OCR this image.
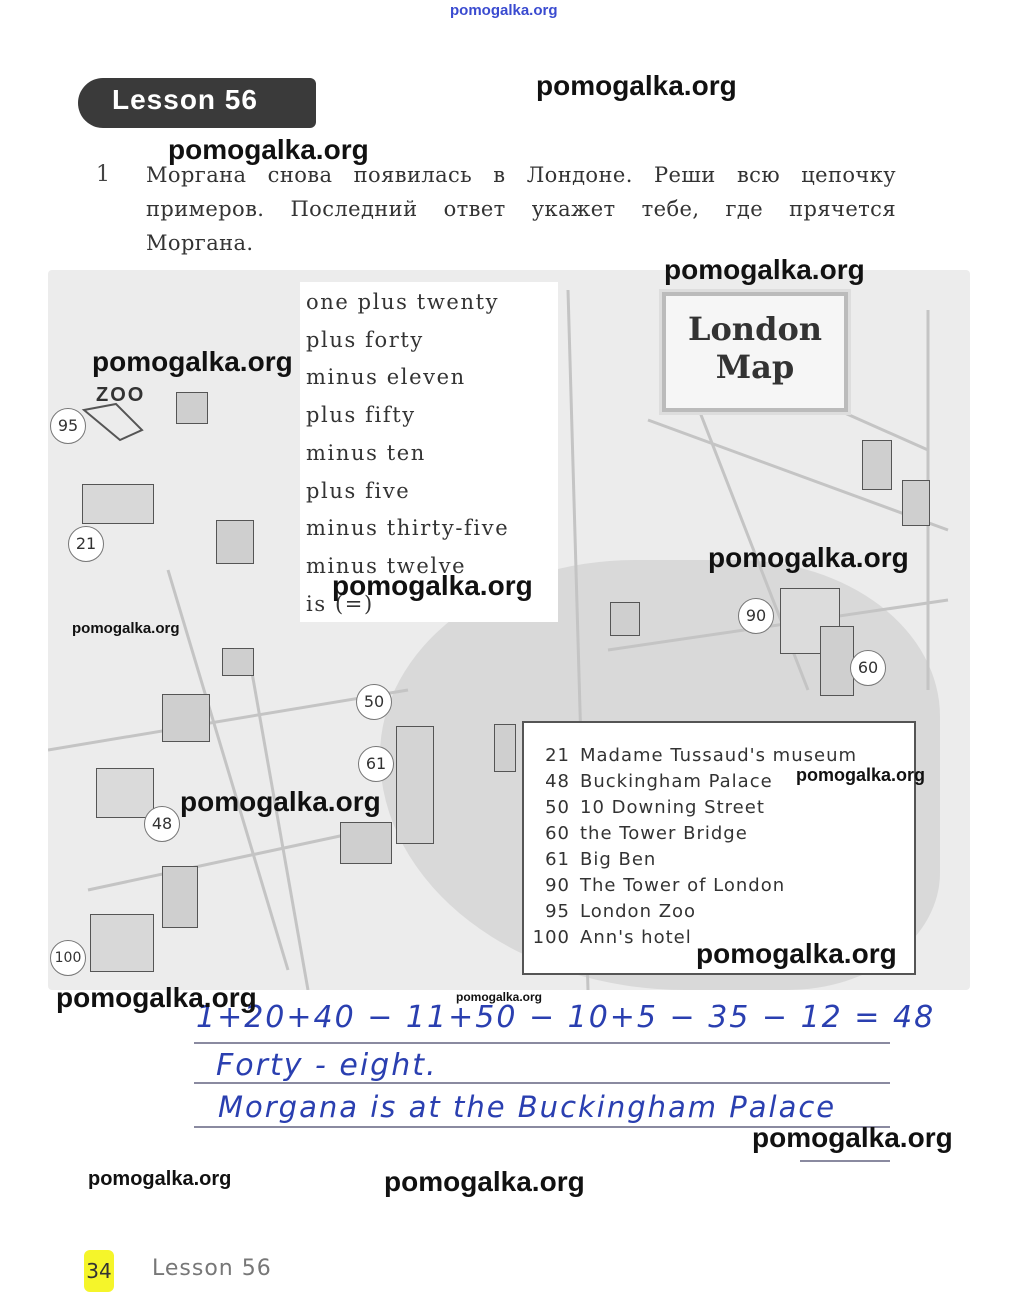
pomogalka.org
Lesson 56
1 Моргана снова появилась в Лондоне. Реши всю цепочку примеров. Последний ответ укажет тебе, где прячется Моргана.
one plus twenty
plus forty
minus eleven
plus fifty
minus ten
plus five
minus thirty-five
minus twelve
is (=)
London
Map
ZOO
95
21
50
61
48
100
90
60
21 Madame Tussaud's museum
48 Buckingham Palace
50 10 Downing Street
60 the Tower Bridge
61 Big Ben
90 The Tower of London
95 London Zoo
100 Ann's hotel
1+20+40 − 11+50 − 10+5 − 35 − 12 = 48
Forty - eight.
Morgana is at the Buckingham Palace
34 Lesson 56
pomogalka.org
pomogalka.org
pomogalka.org
pomogalka.org
pomogalka.org
pomogalka.org
pomogalka.org
pomogalka.org
pomogalka.org
pomogalka.org
pomogalka.org	pomogalka.org
pomogalka.org
pomogalka.org	pomogalka.org
